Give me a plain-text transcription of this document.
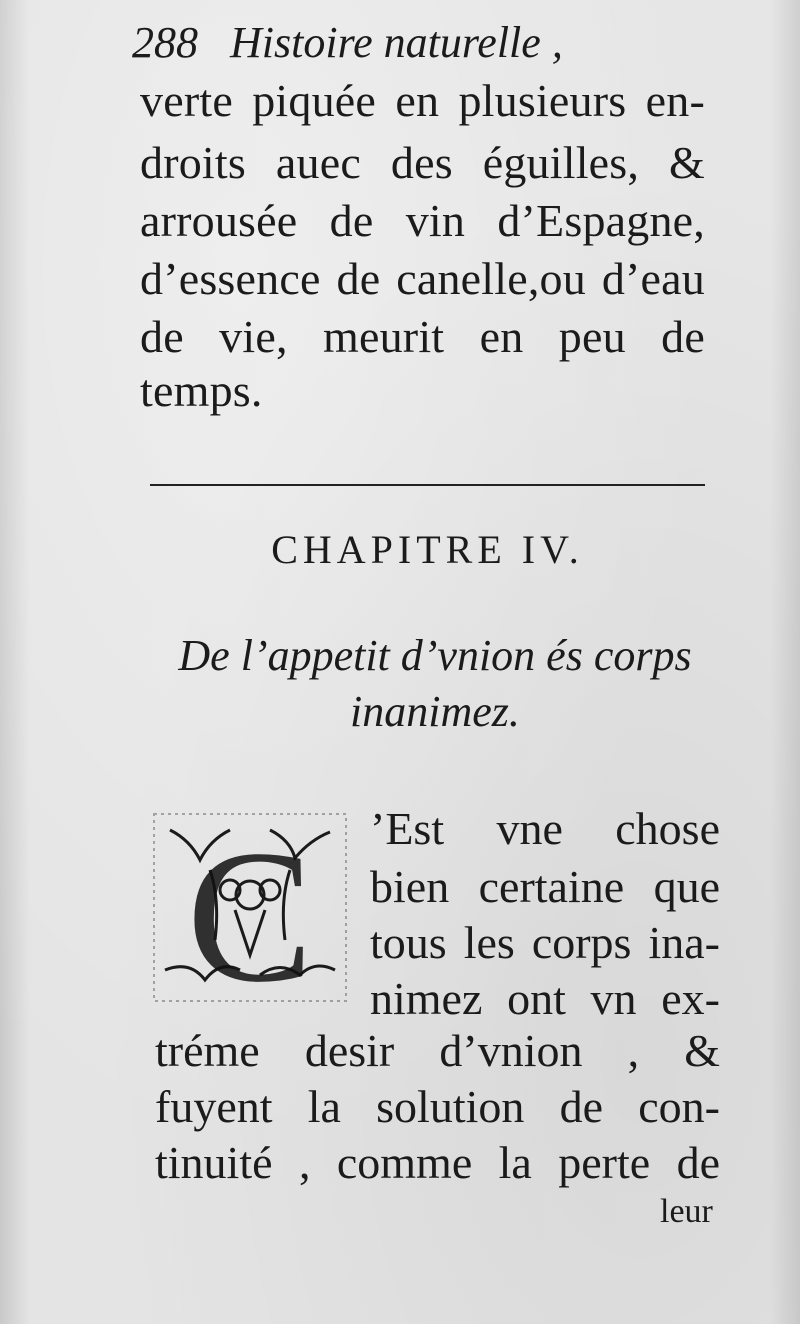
288 Histoire naturelle ,
verte piquée en plusieurs en-
droits auec des éguilles, &
arrousée de vin d’Espagne,
d’essence de canelle,ou d’eau
de vie, meurit en peu de
temps.
CHAPITRE IV.
De l’appetit d’vnion és corps
inanimez.
C ’Est vne chose
bien certaine que
tous les corps ina-
nimez ont vn ex-
tréme desir d’vnion , &
fuyent la solution de con-
tinuité , comme la perte de
leur
